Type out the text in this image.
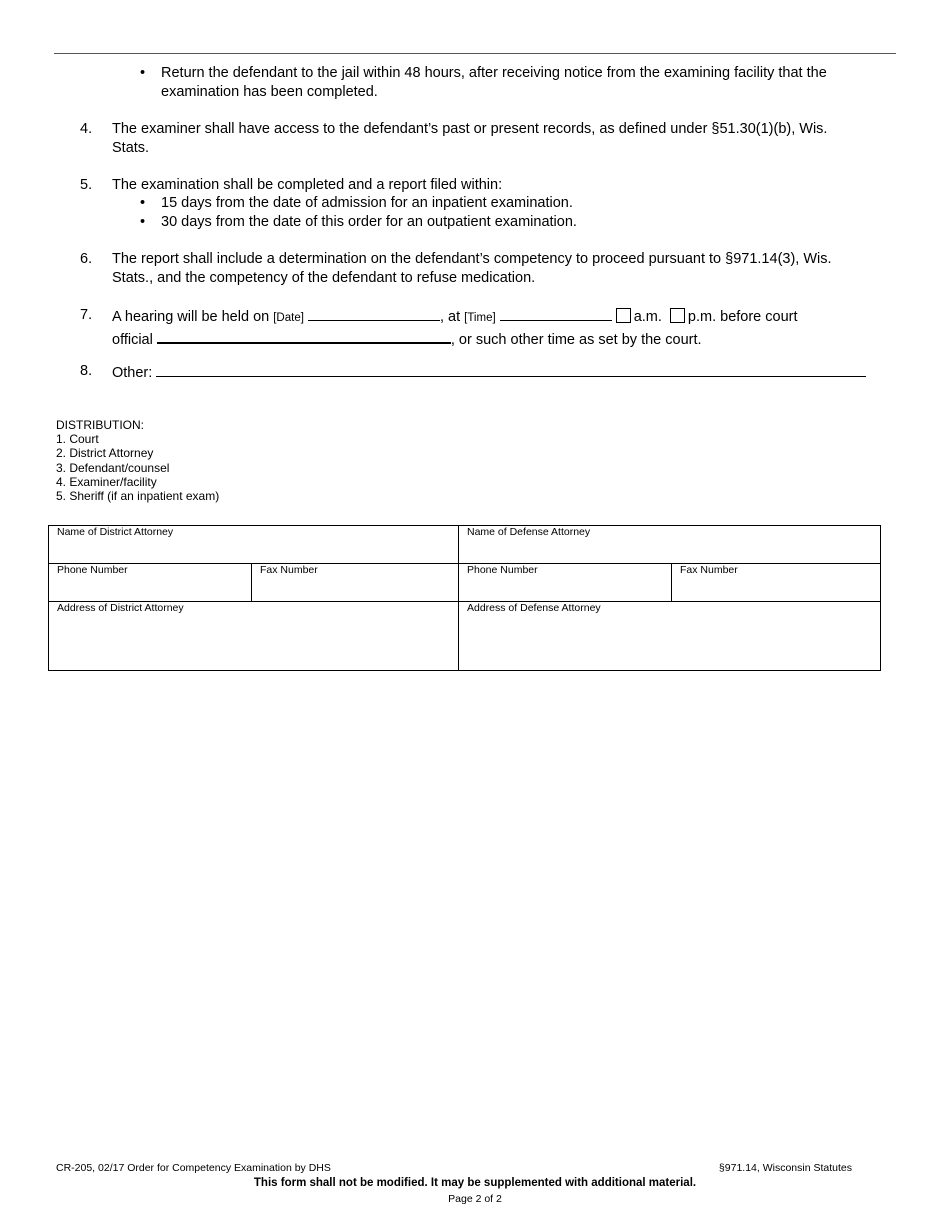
• Return the defendant to the jail within 48 hours, after receiving notice from the examining facility that the examination has been completed.
4. The examiner shall have access to the defendant’s past or present records, as defined under §51.30(1)(b), Wis. Stats.
5. The examination shall be completed and a report filed within:
• 15 days from the date of admission for an inpatient examination.
• 30 days from the date of this order for an outpatient examination.
6. The report shall include a determination on the defendant’s competency to proceed pursuant to §971.14(3), Wis. Stats., and the competency of the defendant to refuse medication.
7. A hearing will be held on [Date]	, at [Time]	a.m. p.m. before court
official	, or such other time as set by the court.
8. Other:
DISTRIBUTION:
1. Court
2. District Attorney
3. Defendant/counsel
4. Examiner/facility
5. Sheriff (if an inpatient exam)
Name of District Attorney		Name of Defense Attorney	

Phone Number	Fax Number	Phone Number	Fax Number

Address of District Attorney		Address of Defense Attorney	
CR-205, 02/17 Order for Competency Examination by DHS	§971.14, Wisconsin Statutes
This form shall not be modified. It may be supplemented with additional material.
Page 2 of 2
